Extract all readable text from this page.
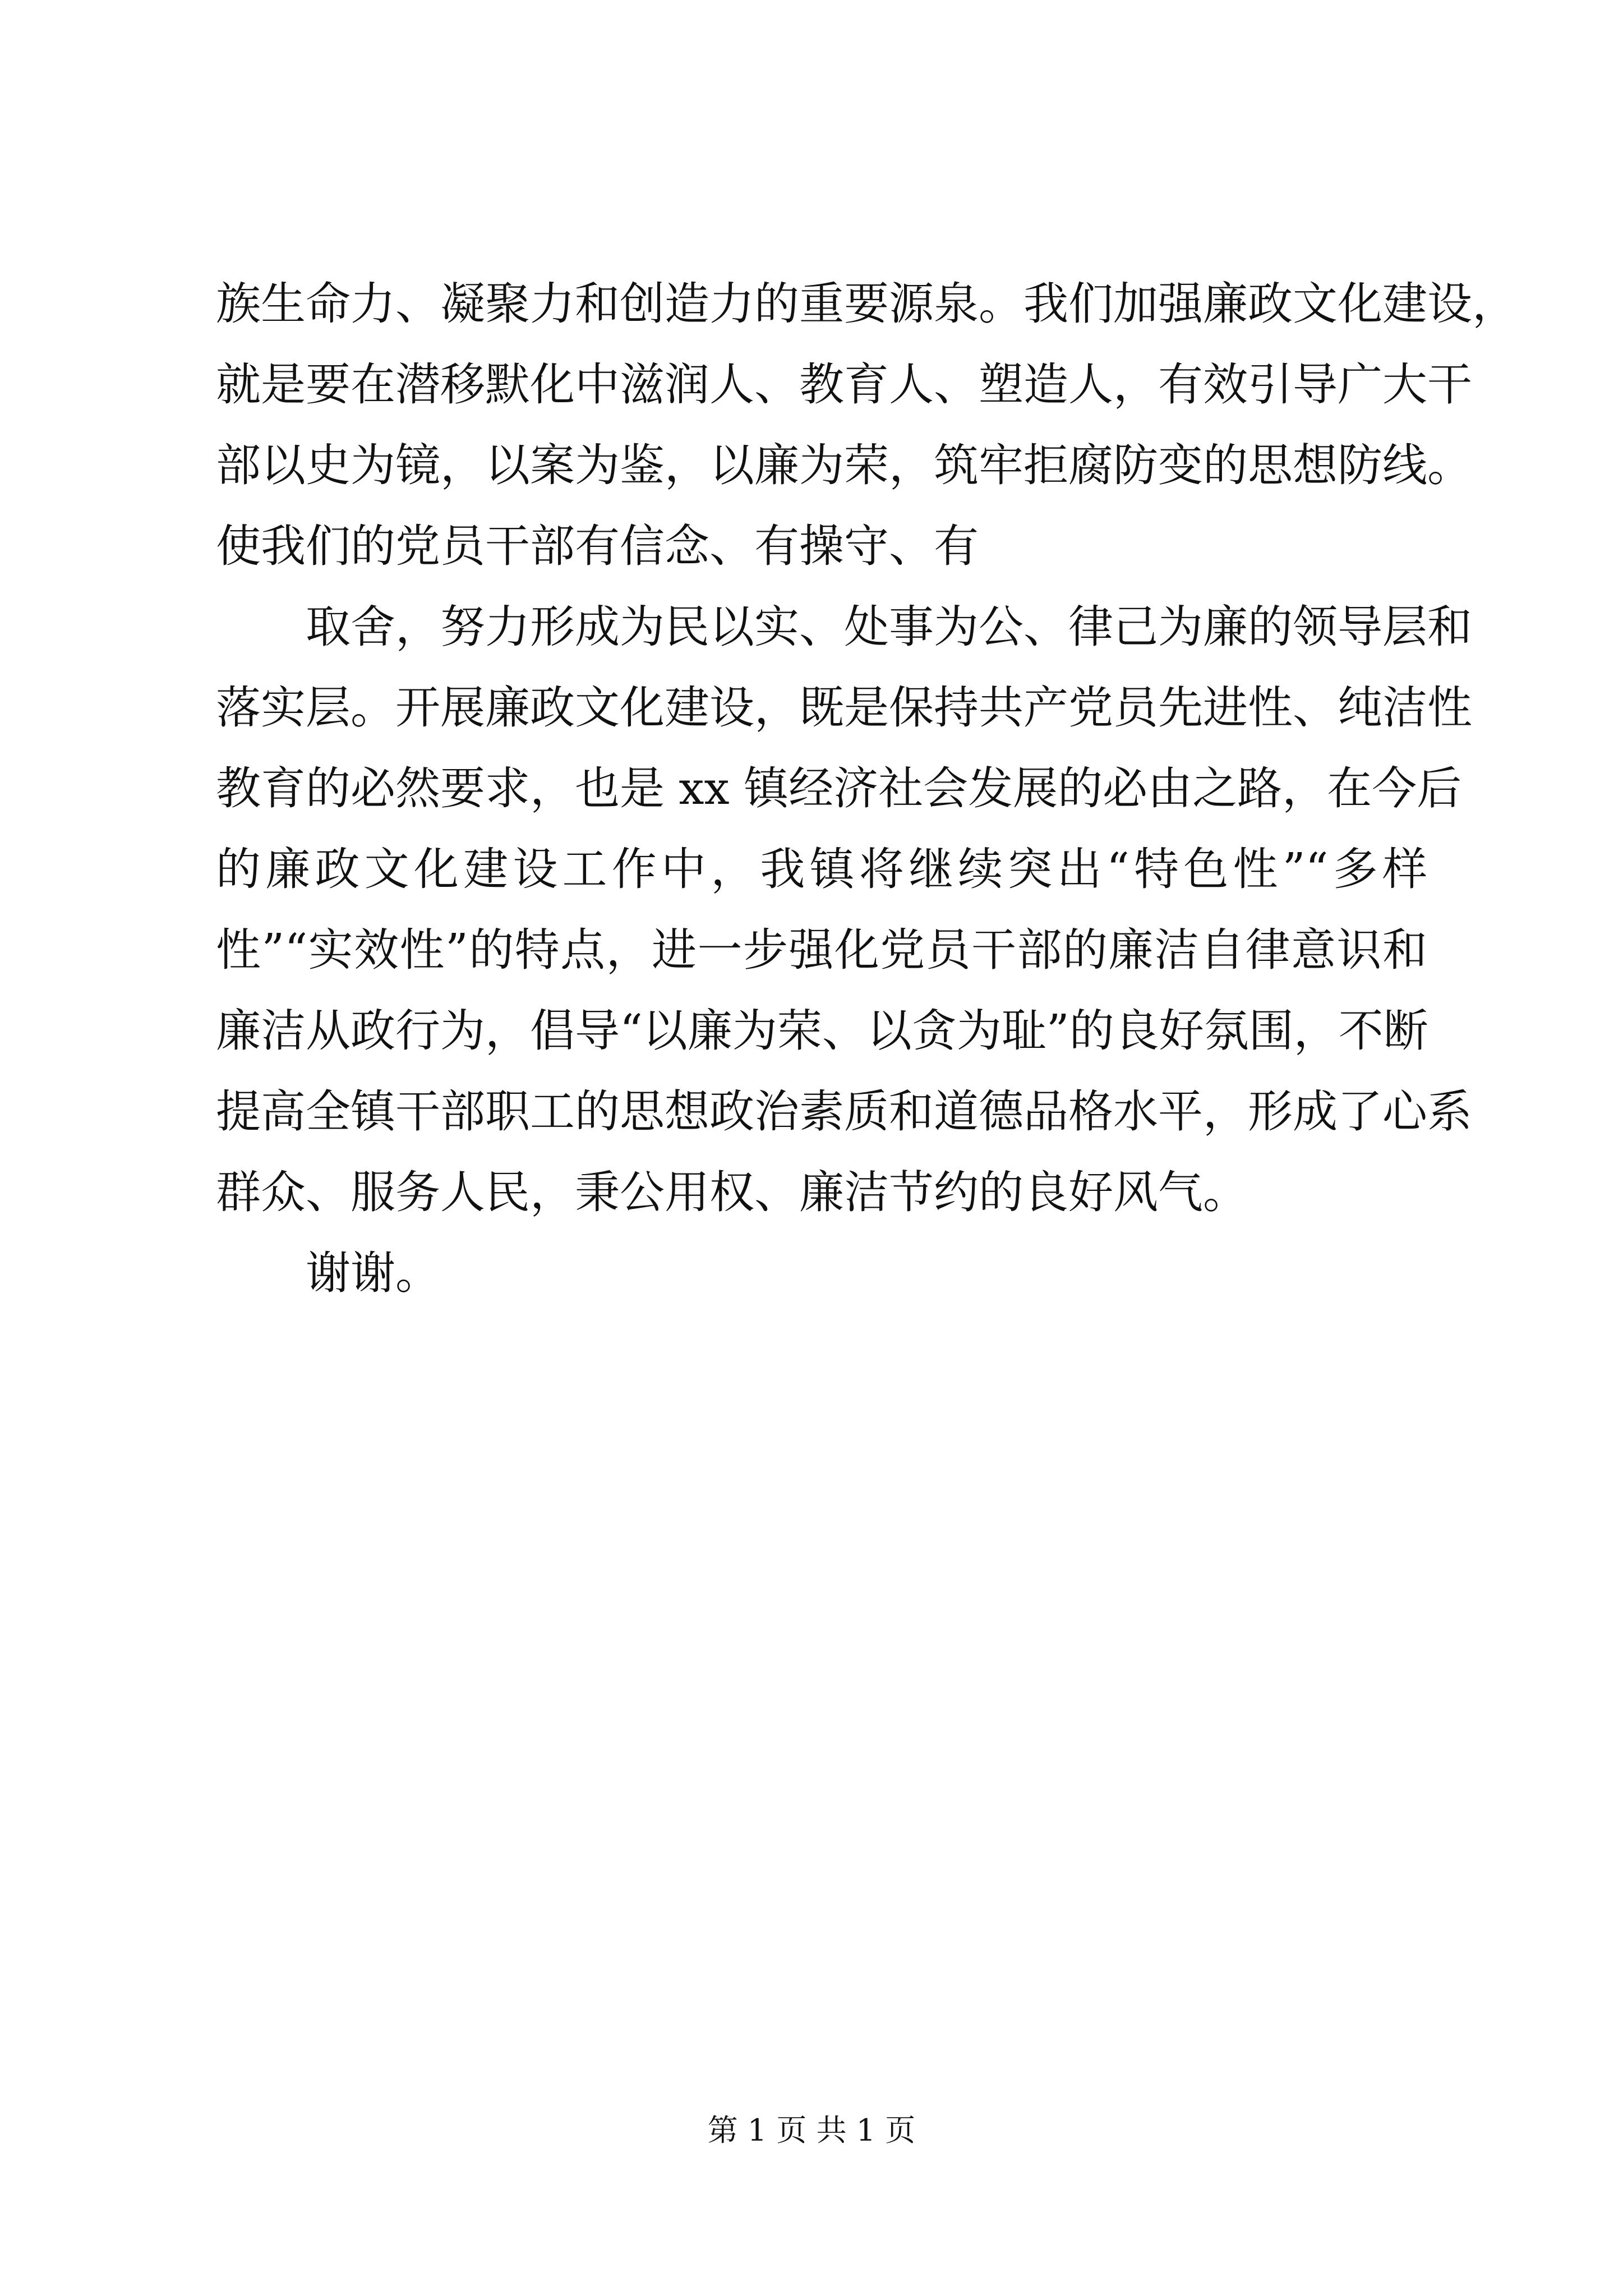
族生命力、凝聚力和创造力的重要源泉。我们加强廉政文化建设，
就是要在潜移默化中滋润人、教育人、塑造人，有效引导广大干
部以史为镜，以案为鉴，以廉为荣，筑牢拒腐防变的思想防线。
使我们的党员干部有信念、有操守、有
取舍，努力形成为民以实、处事为公、律己为廉的领导层和
落实层。开展廉政文化建设，既是保持共产党员先进性、纯洁性
教育的必然要求，也是 xx 镇经济社会发展的必由之路，在今后
的廉政文化建设工作中，我镇将继续突出“特色性”“多样
性”“实效性”的特点，进一步强化党员干部的廉洁自律意识和
廉洁从政行为，倡导“以廉为荣、以贪为耻”的良好氛围，不断
提高全镇干部职工的思想政治素质和道德品格水平，形成了心系
群众、服务人民，秉公用权、廉洁节约的良好风气。
谢谢。
第 1 页 共 1 页
